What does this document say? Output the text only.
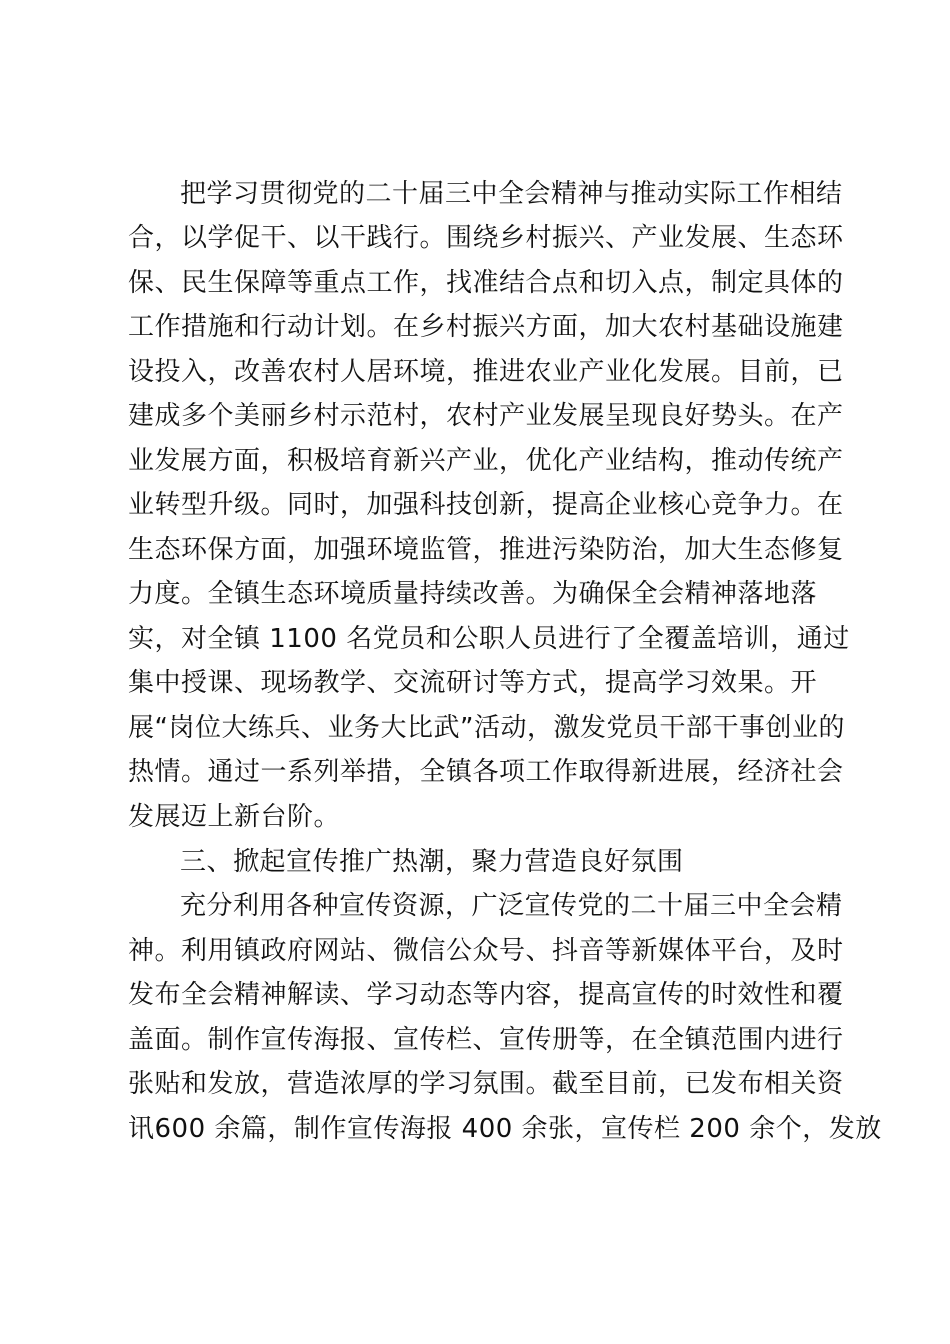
把学习贯彻党的二十届三中全会精神与推动实际工作相结
合，以学促干、以干践行。围绕乡村振兴、产业发展、生态环
保、民生保障等重点工作，找准结合点和切入点，制定具体的
工作措施和行动计划。在乡村振兴方面，加大农村基础设施建
设投入，改善农村人居环境，推进农业产业化发展。目前，已
建成多个美丽乡村示范村，农村产业发展呈现良好势头。在产
业发展方面，积极培育新兴产业，优化产业结构，推动传统产
业转型升级。同时，加强科技创新，提高企业核心竞争力。在
生态环保方面，加强环境监管，推进污染防治，加大生态修复
力度。全镇生态环境质量持续改善。为确保全会精神落地落
实，对全镇 1100 名党员和公职人员进行了全覆盖培训，通过
集中授课、现场教学、交流研讨等方式，提高学习效果。开
展“岗位大练兵、业务大比武”活动，激发党员干部干事创业的
热情。通过一系列举措，全镇各项工作取得新进展，经济社会
发展迈上新台阶。
三、掀起宣传推广热潮，聚力营造良好氛围
充分利用各种宣传资源，广泛宣传党的二十届三中全会精
神。利用镇政府网站、微信公众号、抖音等新媒体平台，及时
发布全会精神解读、学习动态等内容，提高宣传的时效性和覆
盖面。制作宣传海报、宣传栏、宣传册等，在全镇范围内进行
张贴和发放，营造浓厚的学习氛围。截至目前，已发布相关资
讯600 余篇，制作宣传海报 400 余张，宣传栏 200 余个，发放
